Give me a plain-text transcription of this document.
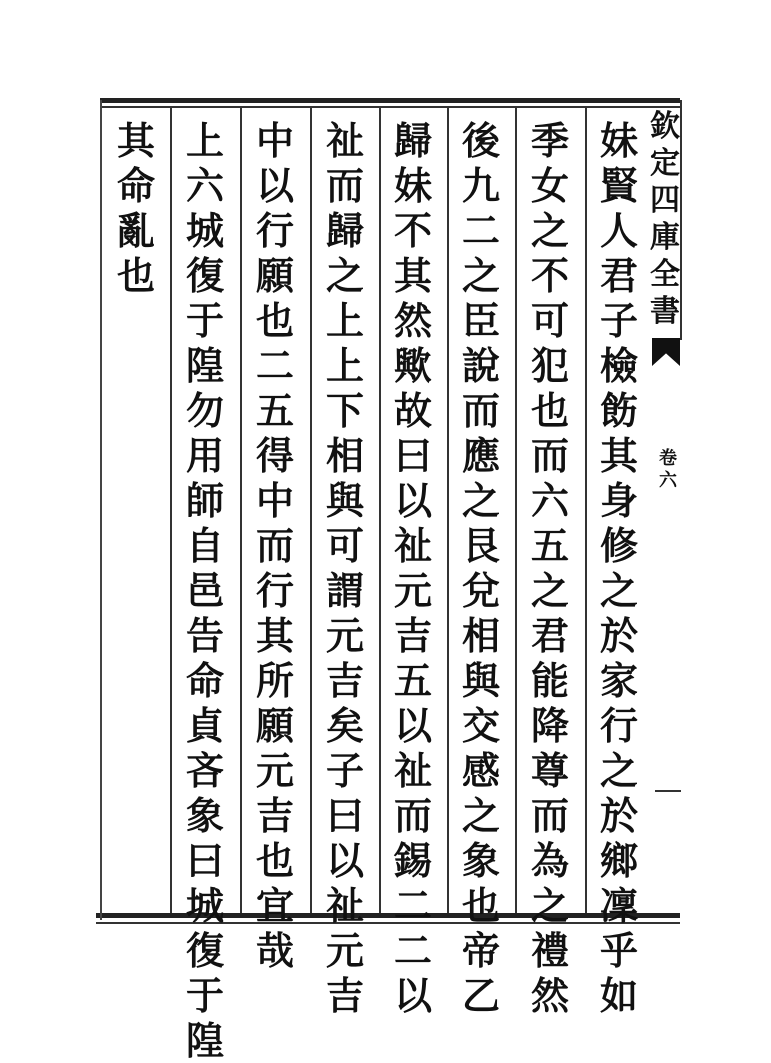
妹
賢
人
君
子
檢
飭
其
身
修
之
於
家
行
之
於
鄉
凜
乎
如
季
女
之
不
可
犯
也
而
六
五
之
君
能
降
尊
而
為
之
禮
然
後
九
二
之
臣
說
而
應
之
艮
兌
相
與
交
感
之
象
也
帝
乙
歸
妹
不
其
然
歟
故
曰
以
祉
元
吉
五
以
祉
而
錫
二
二
以
祉
而
歸
之
上
上
下
相
與
可
謂
元
吉
矣
子
曰
以
祉
元
吉
中
以
行
願
也
二
五
得
中
而
行
其
所
願
元
吉
也
宜
哉
上
六
城
復
于
隍
勿
用
師
自
邑
告
命
貞
吝
象
曰
城
復
于
隍
其
命
亂
也
欽
定
四
庫
全
書
卷
六
